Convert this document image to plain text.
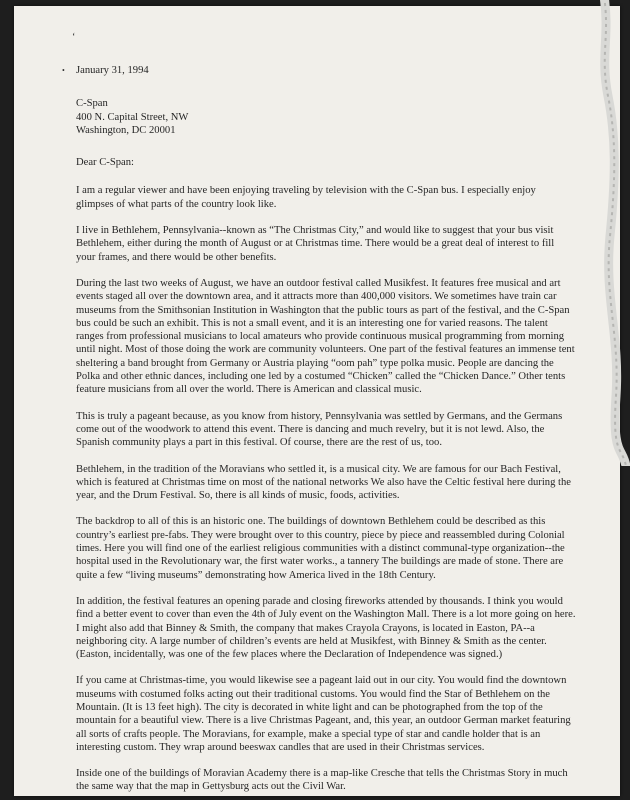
‘
• January 31, 1994
C-Span
400 N. Capital Street, NW
Washington, DC 20001
Dear C-Span:

I am a regular viewer and have been enjoying traveling by television with the C-Span bus. I especially enjoy glimpses of what parts of the country look like.

I live in Bethlehem, Pennsylvania--known as “The Christmas City,” and would like to suggest that your bus visit Bethlehem, either during the month of August or at Christmas time. There would be a great deal of interest to fill your frames, and there would be other benefits.

During the last two weeks of August, we have an outdoor festival called Musikfest. It features free musical and art events staged all over the downtown area, and it attracts more than 400,000 visitors. We sometimes have train car museums from the Smithsonian Institution in Washington that the public tours as part of the festival, and the C-Span bus could be such an exhibit. This is not a small event, and it is an interesting one for varied reasons. The talent ranges from professional musicians to local amateurs who provide continuous musical programming from morning until night. Most of those doing the work are community volunteers. One part of the festival features an immense tent sheltering a band brought from Germany or Austria playing “oom pah” type polka music. People are dancing the Polka and other ethnic dances, including one led by a costumed “Chicken” called the “Chicken Dance.” Other tents feature musicians from all over the world. There is American and classical music.

This is truly a pageant because, as you know from history, Pennsylvania was settled by Germans, and the Germans come out of the woodwork to attend this event. There is dancing and much revelry, but it is not lewd. Also, the Spanish community plays a part in this festival. Of course, there are the rest of us, too.

Bethlehem, in the tradition of the Moravians who settled it, is a musical city. We are famous for our Bach Festival, which is featured at Christmas time on most of the national networks We also have the Celtic festival here during the year, and the Drum Festival. So, there is all kinds of music, foods, activities.

The backdrop to all of this is an historic one. The buildings of downtown Bethlehem could be described as this country’s earliest pre-fabs. They were brought over to this country, piece by piece and reassembled during Colonial times. Here you will find one of the earliest religious communities with a distinct communal-type organization--the hospital used in the Revolutionary war, the first water works., a tannery The buildings are made of stone. There are quite a few “living museums” demonstrating how America lived in the 18th Century.

In addition, the festival features an opening parade and closing fireworks attended by thousands. I think you would find a better event to cover than even the 4th of July event on the Washington Mall. There is a lot more going on here. I might also add that Binney & Smith, the company that makes Crayola Crayons, is located in Easton, PA--a neighboring city. A large number of children’s events are held at Musikfest, with Binney & Smith as the center. (Easton, incidentally, was one of the few places where the Declaration of Independence was signed.)

If you came at Christmas-time, you would likewise see a pageant laid out in our city. You would find the downtown museums with costumed folks acting out their traditional customs. You would find the Star of Bethlehem on the Mountain. (It is 13 feet high). The city is decorated in white light and can be photographed from the top of the mountain for a beautiful view. There is a live Christmas Pageant, and, this year, an outdoor German market featuring all sorts of crafts people. The Moravians, for example, make a special type of star and candle holder that is an interesting custom. They wrap around beeswax candles that are used in their Christmas services.

Inside one of the buildings of Moravian Academy there is a map-like Cresche that tells the Christmas Story in much the same way that the map in Gettysburg acts out the Civil War.
